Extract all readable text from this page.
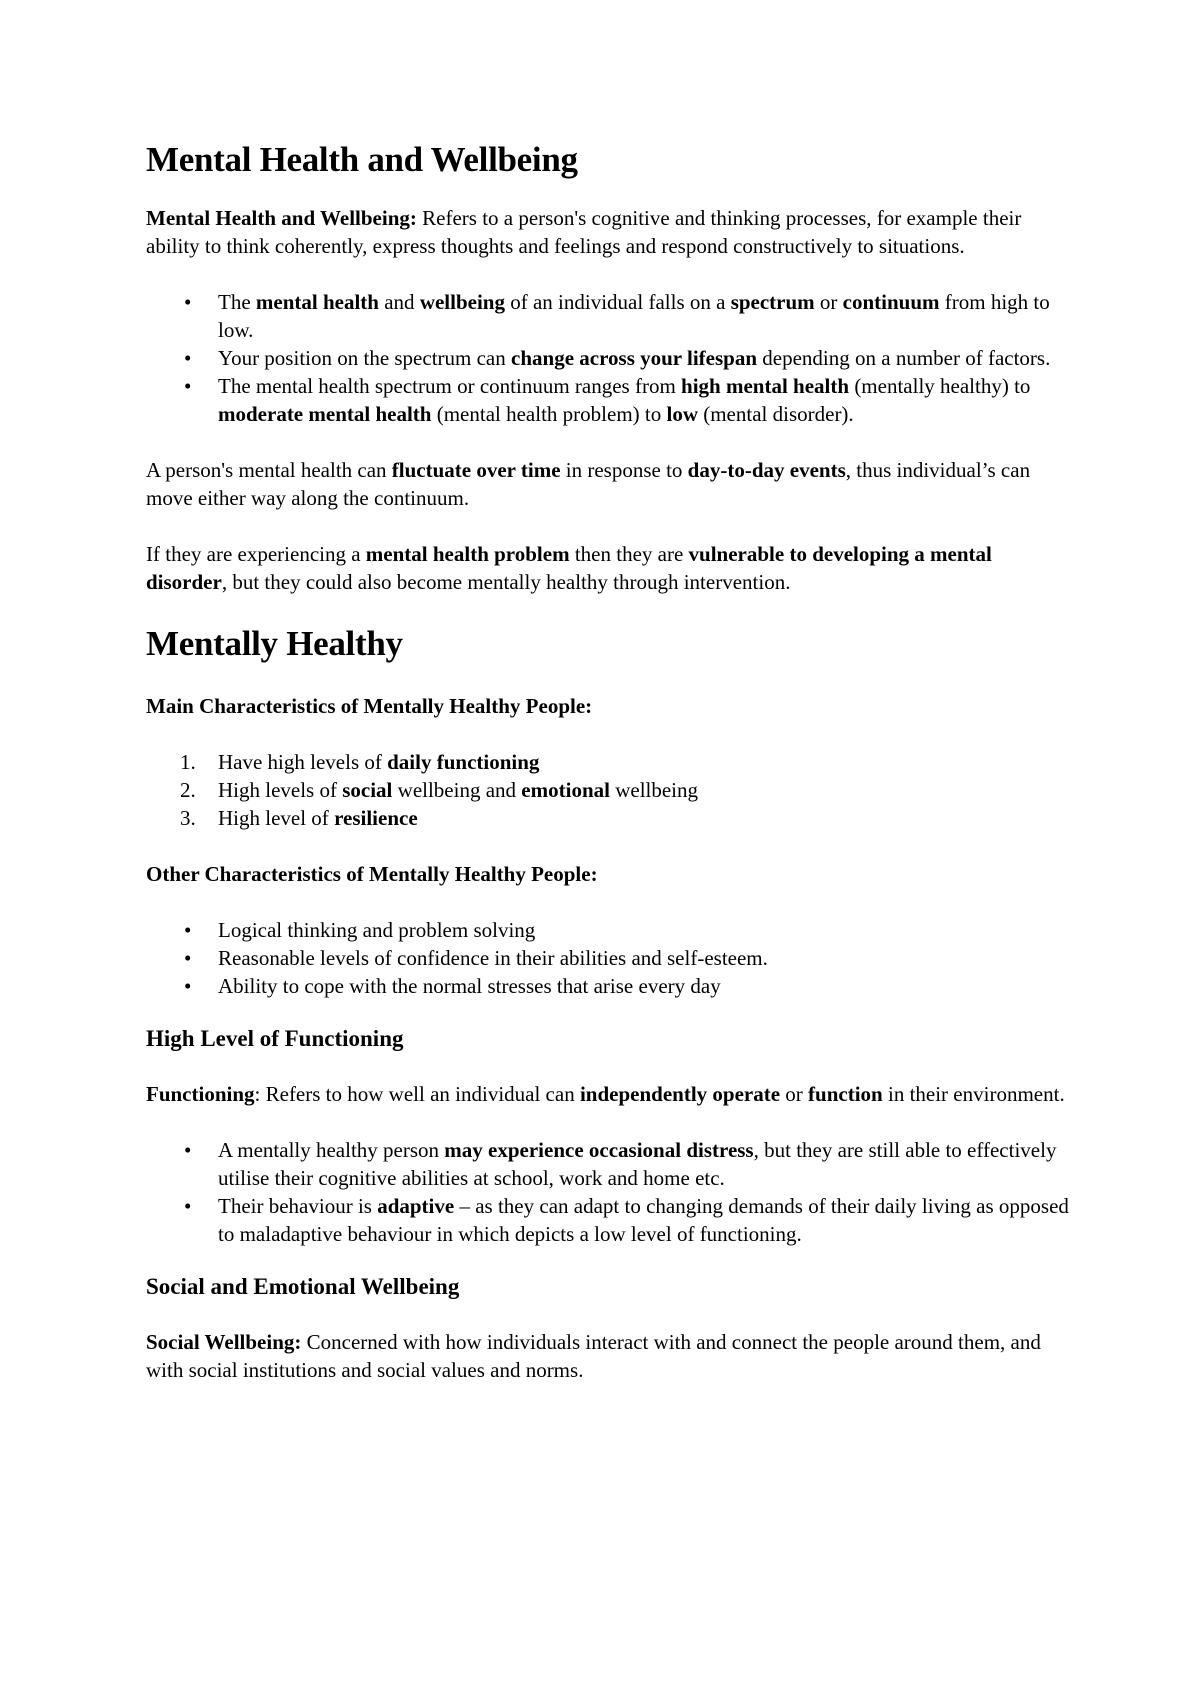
Mental Health and Wellbeing

Mental Health and Wellbeing: Refers to a person's cognitive and thinking processes, for example their ability to think coherently, express thoughts and feelings and respond constructively to situations.

• The mental health and wellbeing of an individual falls on a spectrum or continuum from high to low.
• Your position on the spectrum can change across your lifespan depending on a number of factors.
• The mental health spectrum or continuum ranges from high mental health (mentally healthy) to moderate mental health (mental health problem) to low (mental disorder).

A person's mental health can fluctuate over time in response to day-to-day events, thus individual’s can move either way along the continuum.

If they are experiencing a mental health problem then they are vulnerable to developing a mental disorder, but they could also become mentally healthy through intervention.

Mentally Healthy

Main Characteristics of Mentally Healthy People:

1. Have high levels of daily functioning
2. High levels of social wellbeing and emotional wellbeing
3. High level of resilience

Other Characteristics of Mentally Healthy People:

• Logical thinking and problem solving
• Reasonable levels of confidence in their abilities and self-esteem.
• Ability to cope with the normal stresses that arise every day
High Level of Functioning

Functioning: Refers to how well an individual can independently operate or function in their environment.

• A mentally healthy person may experience occasional distress, but they are still able to effectively utilise their cognitive abilities at school, work and home etc.
• Their behaviour is adaptive – as they can adapt to changing demands of their daily living as opposed to maladaptive behaviour in which depicts a low level of functioning.
Social and Emotional Wellbeing

Social Wellbeing: Concerned with how individuals interact with and connect the people around them, and with social institutions and social values and norms.
